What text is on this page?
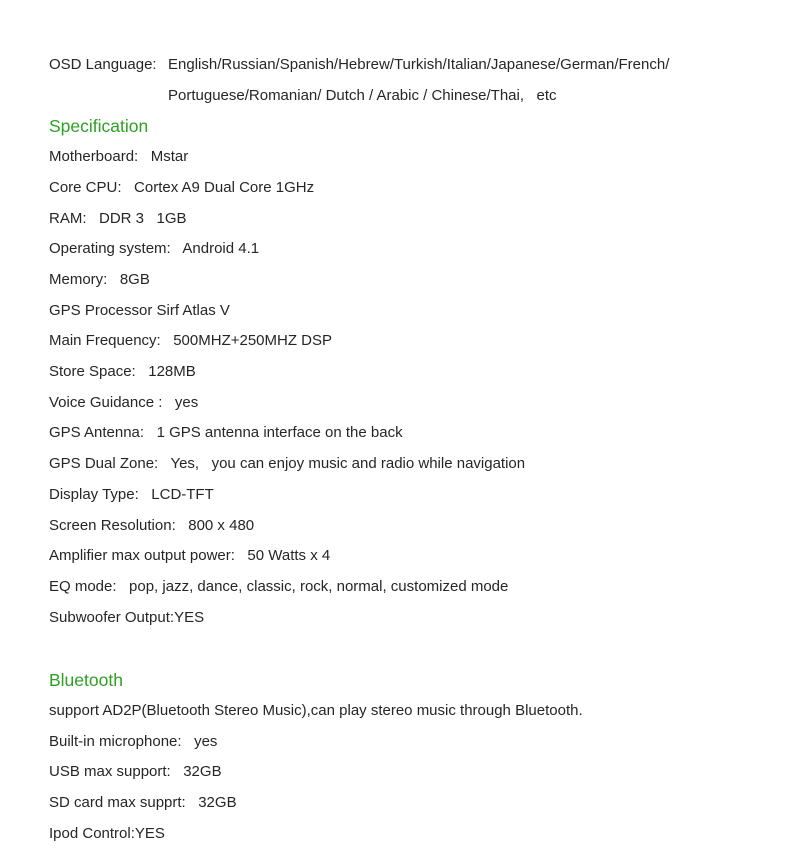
OSD Language: English/Russian/Spanish/Hebrew/Turkish/Italian/Japanese/German/French/
Portuguese/Romanian/ Dutch / Arabic / Chinese/Thai,   etc
Specification

Motherboard:   Mstar

Core CPU:   Cortex A9 Dual Core 1GHz

RAM:   DDR 3   1GB

Operating system:   Android 4.1

Memory:   8GB

GPS Processor Sirf Atlas V

Main Frequency:   500MHZ+250MHZ DSP

Store Space:   128MB

Voice Guidance :   yes

GPS Antenna:   1 GPS antenna interface on the back

GPS Dual Zone:   Yes,   you can enjoy music and radio while navigation

Display Type:   LCD-TFT

Screen Resolution:   800 x 480

Amplifier max output power:   50 Watts x 4

EQ mode:   pop, jazz, dance, classic, rock, normal, customized mode

Subwoofer Output:YES

Bluetooth

support AD2P(Bluetooth Stereo Music),can play stereo music through Bluetooth.

Built-in microphone:   yes

USB max support:   32GB

SD card max supprt:   32GB

Ipod Control:YES
